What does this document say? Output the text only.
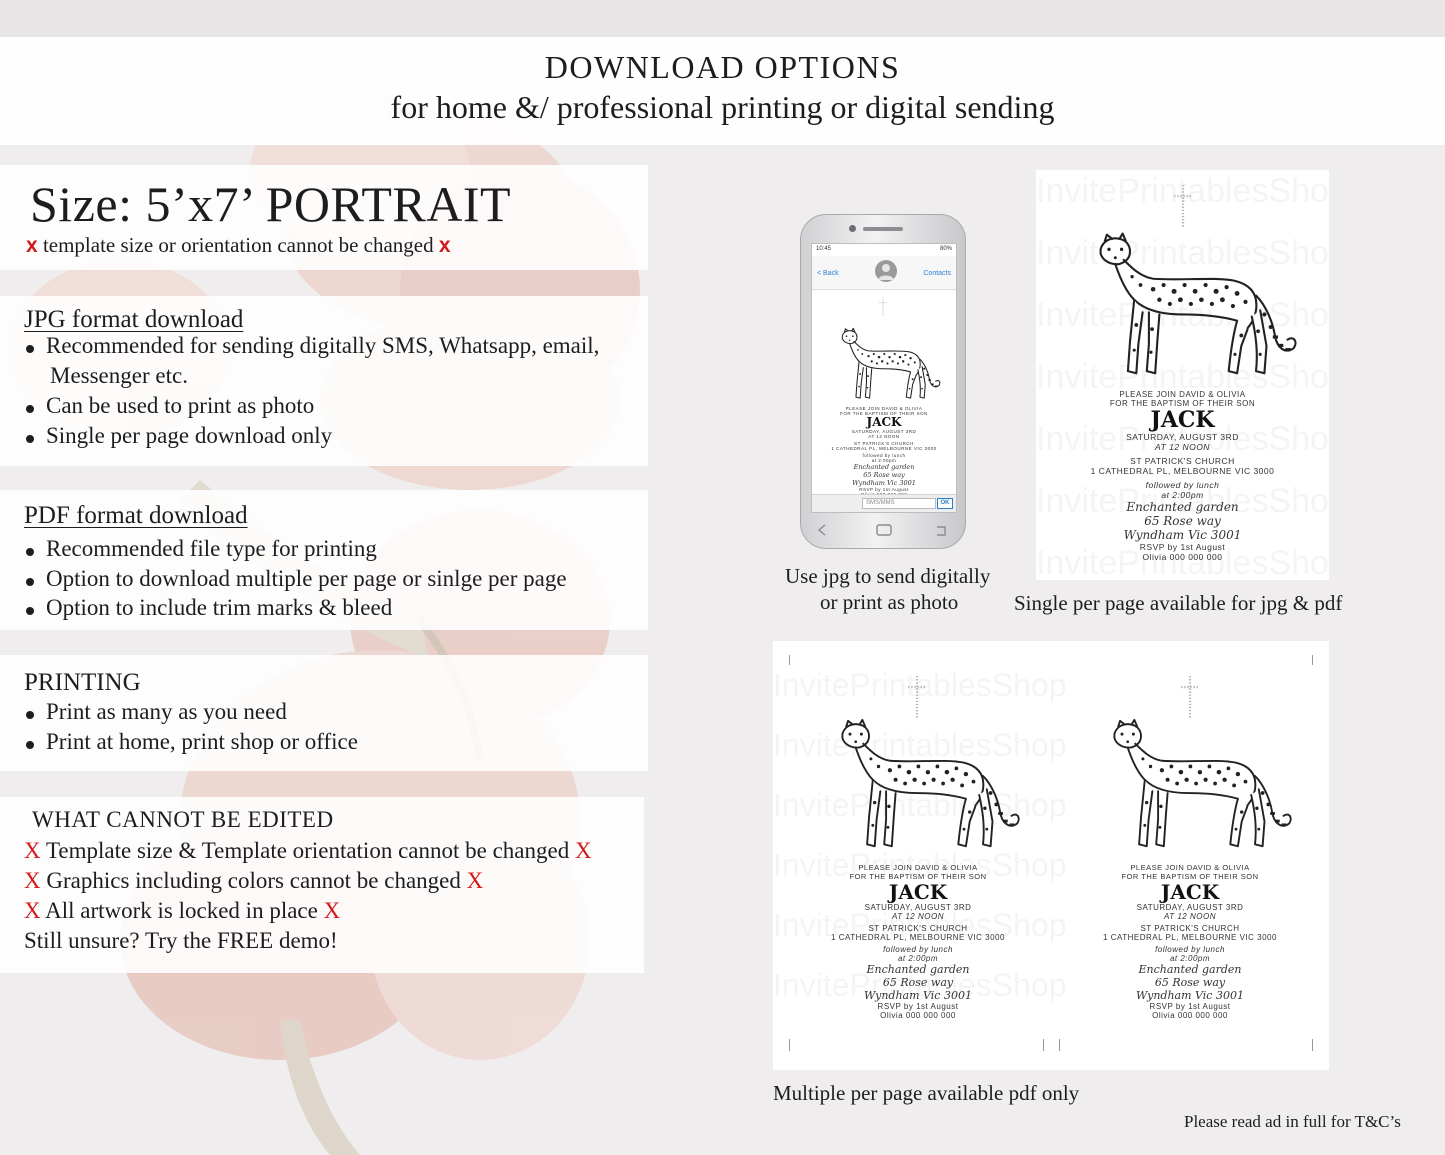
DOWNLOAD OPTIONS
for home &/ professional printing or digital sending
Size: 5’x7’ PORTRAIT
x template size or orientation cannot be changed x
JPG format download
Recommended for sending digitally SMS, Whatsapp, email,
Messenger etc.
Can be used to print as photo
Single per page download only
PDF format download
Recommended file type for printing
Option to download multiple per page or sinlge per page
Option to include trim marks & bleed
PRINTING
Print as many as you need
Print at home, print shop or office
WHAT CANNOT BE EDITED
X Template size & Template orientation cannot be changed X
X Graphics including colors cannot be changed X
X All artwork is locked in place X
Still unsure? Try the FREE demo!
10:45	80%
< Back	Contacts
PLEASE JOIN DAVID & OLIVIA
FOR THE BAPTISM OF THEIR SON
JACK
SATURDAY, AUGUST 3RD
AT 12 NOON
ST PATRICK'S CHURCH
1 CATHEDRAL PL, MELBOURNE VIC 3000
followed by lunch
at 2:00pm
Enchanted garden
65 Rose way
Wyndham Vic 3001
RSVP by 1st August
SMS/MMS	OK
PLEASE JOIN DAVID & OLIVIA
FOR THE BAPTISM OF THEIR SON
JACK
SATURDAY, AUGUST 3RD
AT 12 NOON
ST PATRICK'S CHURCH
1 CATHEDRAL PL, MELBOURNE VIC 3000
followed by lunch
at 2:00pm
Enchanted garden
65 Rose way
Wyndham Vic 3001
RSVP by 1st August
Olivia 000 000 000
PLEASE JOIN DAVID & OLIVIA
FOR THE BAPTISM OF THEIR SON
JACK
SATURDAY, AUGUST 3RD
AT 12 NOON
ST PATRICK'S CHURCH
1 CATHEDRAL PL, MELBOURNE VIC 3000
followed by lunch
at 2:00pm
Enchanted garden
65 Rose way
Wyndham Vic 3001
RSVP by 1st August
Olivia 000 000 000
PLEASE JOIN DAVID & OLIVIA
FOR THE BAPTISM OF THEIR SON
JACK
SATURDAY, AUGUST 3RD
AT 12 NOON
ST PATRICK'S CHURCH
1 CATHEDRAL PL, MELBOURNE VIC 3000
followed by lunch
at 2:00pm
Enchanted garden
65 Rose way
Wyndham Vic 3001
RSVP by 1st August
Olivia 000 000 000
Use jpg to send digitally
or print as photo	Single per page available for jpg & pdf
Multiple per page available pdf only
Please read ad in full for T&C’s
